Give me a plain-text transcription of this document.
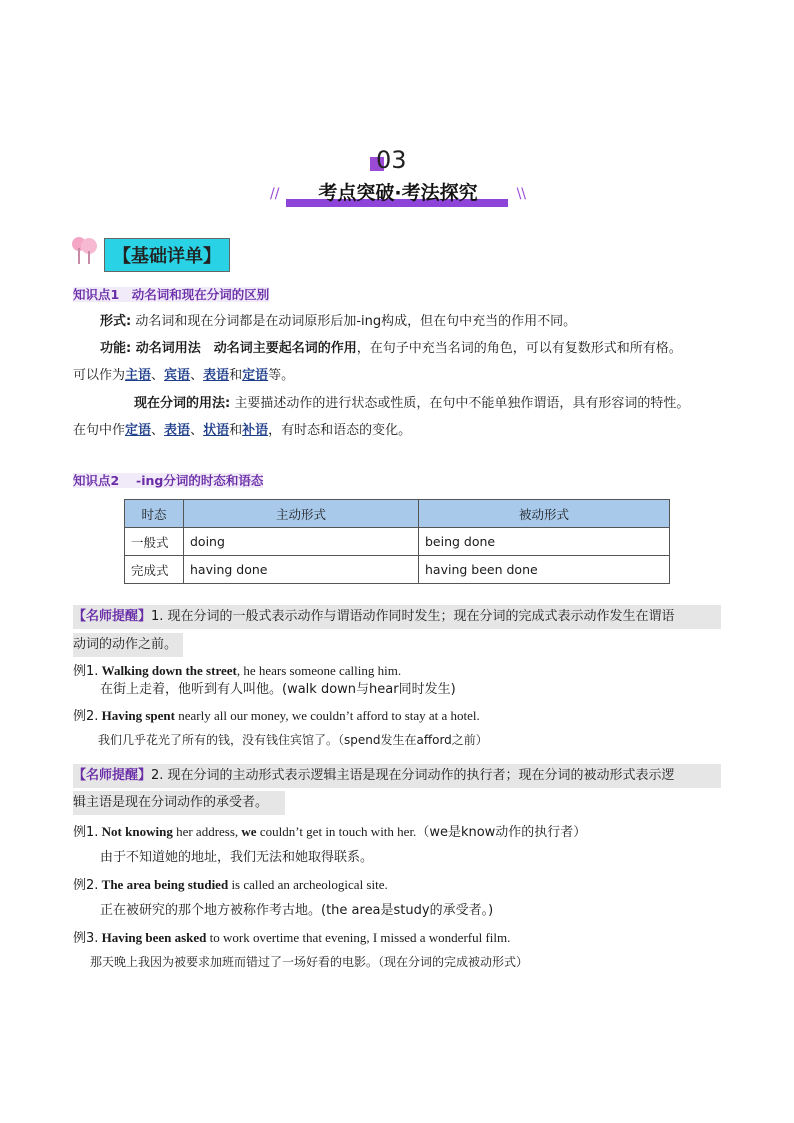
03
//	考点突破·考法探究	\\
【基础详单】
知识点1　动名词和现在分词的区别
形式: 动名词和现在分词都是在动词原形后加-ing构成，但在句中充当的作用不同。
功能: 动名词用法　动名词主要起名词的作用，在句子中充当名词的角色，可以有复数形式和所有格。
可以作为主语、宾语、表语和定语等。
现在分词的用法: 主要描述动作的进行状态或性质，在句中不能单独作谓语，具有形容词的特性。
在句中作定语、表语、状语和补语，有时态和语态的变化。
知识点2　 -ing分词的时态和语态
时态	主动形式	被动形式
一般式	doing	being done
完成式	having done	having been done
【名师提醒】1. 现在分词的一般式表示动作与谓语动作同时发生；现在分词的完成式表示动作发生在谓语
动词的动作之前。
例1. Walking down the street, he hears someone calling him.
在街上走着，他听到有人叫他。(walk down与hear同时发生)
例2. Having spent nearly all our money, we couldn’t afford to stay at a hotel.
我们几乎花光了所有的钱，没有钱住宾馆了。（spend发生在afford之前）
【名师提醒】2. 现在分词的主动形式表示逻辑主语是现在分词动作的执行者；现在分词的被动形式表示逻
辑主语是现在分词动作的承受者。
例1. Not knowing her address, we couldn’t get in touch with her.（we是know动作的执行者）
由于不知道她的地址，我们无法和她取得联系。
例2. The area being studied is called an archeological site.
正在被研究的那个地方被称作考古地。(the area是study的承受者。)
例3. Having been asked to work overtime that evening, I missed a wonderful film.
那天晚上我因为被要求加班而错过了一场好看的电影。（现在分词的完成被动形式）
